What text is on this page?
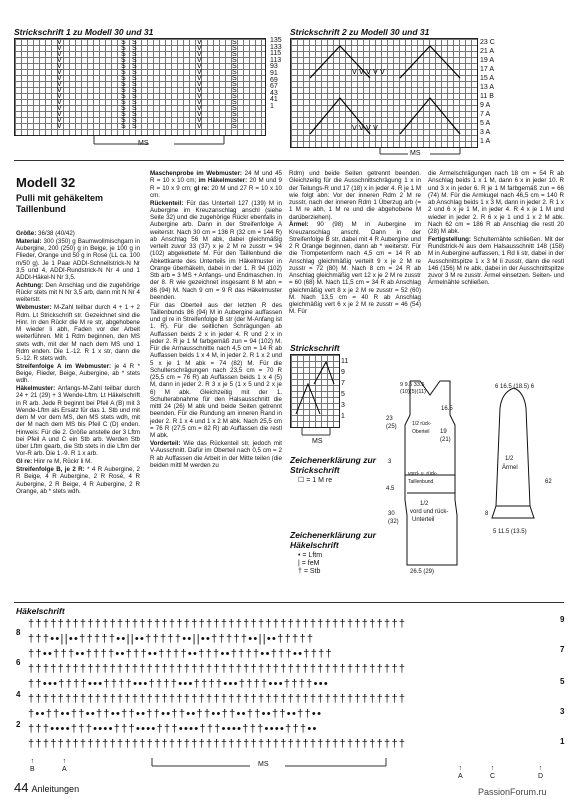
Strickschrift 1 zu Modell 30 und 31
V
V
V
V
V
V
V
V
V
V
V
V
V
V
V
S
S
S
S
S
S
S
S
S
S
S
S
S
S
S
S
S
S
S
S
S
S
S
S
S
S
S
S
S
S
V
V
V
V
V
V
V
V
V
V
V
V
V
V
V
S
S
S
S
S
S
S
S
S
S
S
S
S
S
S
135
133
115
113
93
91
69
67
43
41
1
MS
Strickschrift 2 zu Modell 30 und 31
V V V V V
V V V V
23 C
21 A
19 A
17 A
15 A
13 A
11 B
9 A
7 A
5 A
3 A
1 A
MS
Modell 32
Pulli mit gehäkeltem Taillenbund

Größe: 36/38 (40/42)

Material: 300 (350) g Baumwollmischgarn in Aubergine, 200 (250) g in Beige, je 100 g in Flieder, Orange und 50 g in Rosé (LL ca. 100 m/50 g). Je 1 Paar ADDI-Schnellstrick-N Nr 3,5 und 4, ADDI-Rundstrick-N Nr 4 und 1 ADDI-Häkel-N Nr 3,5.

Achtung: Den Anschlag und die zugehörige Rückr stets mit N Nr 3,5 arb, dann mit N Nr 4 weiterstr.

Webmuster: M-Zahl teilbar durch 4 + 1 + 2 Rdm. Lt Strickschrift str. Gezeichnet sind die Hinr. In den Rückr die M re str, abgehobene M wieder li abh, Faden vor der Arbeit weiterführen. Mit 1 Rdm beginnen, den MS stets wdh, mit der M nach dem MS und 1 Rdm enden. Die 1.-12. R 1 x str, dann die 5.-12. R stets wdh.

Streifenfolge A im Webmuster: je 4 R * Beige, Flieder, Beige, Aubergine, ab * stets wdh.

Häkelmuster: Anfangs-M-Zahl teilbar durch 24 + 21 (29) + 3 Wende-Lftm. Lt Häkelschrift in R arb. Jede R beginnt bei Pfeil A (B) mit 3 Wende-Lftm als Ersatz für das 1. Stb und mit dem M vor dem MS, den MS stets wdh, mit der M nach dem MS bis Pfeil C (D) enden. Hinweis: Für die 2. Größe anstelle der 3 Lftm bei Pfeil A und C ein Stb arb. Werden Stb über Lftm gearb, die Stb stets in die Lftm der Vor-R arb. Die 1.-9. R 1 x arb.

Gl re: Hinr re M, Rückr li M.

Streifenfolge B, je 2 R: * 4 R Aubergine, 2 R Beige, 4 R Aubergine, 2 R Rosé, 4 R Aubergine, 2 R Beige, 4 R Aubergine, 2 R Orange, ab * stets wdh.

Maschenprobe im Webmuster: 24 M und 45 R = 10 x 10 cm; im Häkelmuster: 20 M und 9 R = 10 x 9 cm; gl re: 20 M und 27 R = 10 x 10 cm.

Rückenteil: Für das Unterteil 127 (139) M in Aubergine im Kreuzanschlag anschl (siehe Seite 32) und die zugehörige Rückr ebenfalls in Aubergine arb. Dann in der Streifenfolge A weiterstr. Nach 30 cm = 136 R (32 cm = 144 R) ab Anschlag 56 M abk, dabei gleichmäßig verteilt zuvor 33 (37) x je 2 M re zusstr = 94 (102) abgekettete M. Für den Taillenbund die Abkettkante des Unterteils im Häkelmuster in Orange überhäkeln, dabei in der 1. R 94 (102) Stb arb = 3 MS + Anfangs- und Endmaschen. In der 8. R wie gezeichnet insgesamt 8 M abn = 86 (94) M. Nach 9 cm = 9 R das Häkelmuster beenden.

Für das Oberteil aus der letzten R des Taillenbunds 86 (94) M in Aubergine auffassen und gl re in Streifenfolge B str (der M-Anfang ist 1. R). Für die seitlichen Schrägungen ab Auffassen beids 2 x in jeder 4. R und 2 x in jeder 2. R je 1 M farbgemäß zun = 94 (102) M. Für die Armausschnitte nach 4,5 cm = 14 R ab Auffassen beids 1 x 4 M, in jeder 2. R 1 x 2 und 5 x je 1 M abk = 74 (82) M. Für die Schulterschrägungen nach 23,5 cm = 70 R (25,5 cm = 76 R) ab Auffassen beids 1 x 4 (5) M, dann in jeder 2. R 3 x je 5 (1 x 5 und 2 x je 6) M abk. Gleichzeitig mit der 1. Schulterabnahme für den Halsausschnitt die mittl 24 (26) M abk und beide Seiten getrennt beenden. Für die Rundung am inneren Rand in jeder 2. R 1 x 4 und 1 x 2 M abk. Nach 25,5 cm = 76 R (27,5 cm = 82 R) ab Auffassen die restl M abk.

Vorderteil: Wie das Rückenteil str, jedoch mit V-Ausschnitt. Dafür im Oberteil nach 0,5 cm = 2 R ab Auffassen die Arbeit in der Mitte teilen (die beiden mittl M werden zu

Rdm) und beide Seiten getrennt beenden. Gleichzeitig für die Ausschnittschrägung 1 x in der Teilungs-R und 17 (18) x in jeder 4. R je 1 M wie folgt abn: Vor der inneren Rdm 2 M re zusstr, nach der inneren Rdm 1 Überzug arb (= 1 M re abh, 1 M re und die abgehobene M darüberziehen).

Ärmel: 90 (98) M in Aubergine im Kreuzanschlag anschl. Dann in der Streifenfolge B str, dabei mit 4 R Aubergine und 2 R Orange beginnen, dann ab * weiterstr. Für die Trompetenform nach 4,5 cm = 14 R ab Anschlag gleichmäßig verteilt 9 x je 2 M re zusstr = 72 (80) M. Nach 8 cm = 24 R ab Anschlag gleichmäßig vert 12 x je 2 M re zusstr = 60 (68) M. Nach 11,5 cm = 34 R ab Anschlag gleichmäßig vert 8 x je 2 M re zusstr = 52 (60) M. Nach 13,5 cm = 40 R ab Anschlag gleichmäßig vert 6 x je 2 M re zusstr = 46 (54) M. Für

die Ärmelschrägungen nach 18 cm = 54 R ab Anschlag beids 1 x 1 M, dann 6 x in jeder 10. R und 3 x in jeder 6. R je 1 M farbgemäß zun = 66 (74) M. Für die Armkugel nach 46,5 cm = 140 R ab Anschlag beids 1 x 3 M, dann in jeder 2. R 1 x 2 und 6 x je 1 M, in jeder 4. R 4 x je 1 M und wieder in jeder 2. R 6 x je 1 und 1 x 2 M abk. Nach 62 cm = 186 R ab Anschlag die restl 20 (28) M abk.

Fertigstellung: Schulternähte schließen. Mit der Rundstrick-N aus dem Halsausschnitt 148 (158) M in Aubergine auffassen, 1 Rd li str, dabei in der Ausschnittspitze 1 x 3 M li zusstr, dann die restl 146 (156) M re abk, dabei in der Ausschnittspitze zuvor 3 M re zusstr. Ärmel einsetzen. Seiten- und Ärmelnähte schließen.

Strickschrift
11
9
7
5
3
1
MS
Zeichenerklärung zur Strickschrift
☐ = 1 M re
Zeichenerklärung zur Häkelschrift
• = Lftm
| = feM
† = Stb
9 9.5 33.5
(10)(5)(11)
23
(25)
19
(21)
16.5
1/2 rück-Oberteil
vord- u. rück-Taillenbund
3
4.5
1/2
vord und rück-
Unterteil
30
(32)
26.5 (29)
6 16.5 (18.5) 6
1/2
Ärmel
62
8
5 11.5 (13.5)
Häkelschrift
†††††††††††††††††††††††††††††††††††††††††††††††††††
†††••||••†††††••||••†††††••||••†††††••||••†††††
††••†††••††††••†††••††††••†††••††††••†††••††††
†††††††††††††††††††††††††††††††††††††††††††††††††††
††•••††††•••††††•••††††•••††††•••††††•••††††•••
†††††††††††††††††††††††††††††††††††††††††††††††††††
†••††••††••††••††••††••††••††••††••††••††••††••
†††••••†††••••†††••••†††••••†††••••†††••••†††••
†††††††††††††††††††††††††††††††††††††††††††††††††††
8
6
4
2
9
7
5
3
1
MS
↑
B
↑
A	↑
A
↑
C
↑
D
44 Anleitungen	PassionForum.ru
